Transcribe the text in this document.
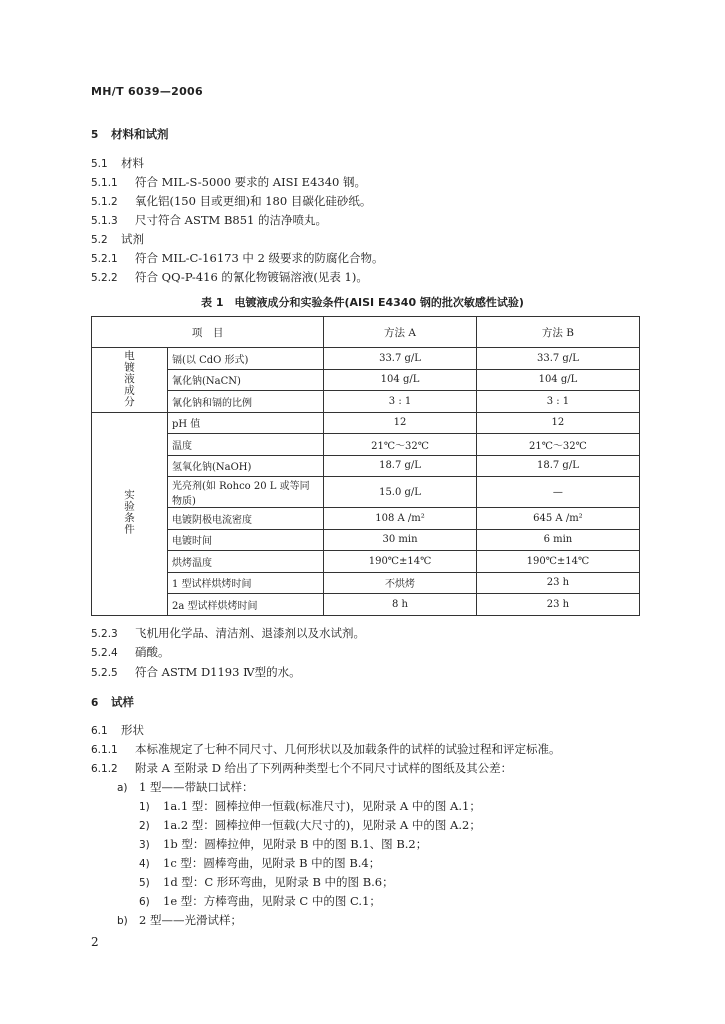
MH/T 6039—2006
5 材料和试剂
5.1 材料
5.1.1 符合 MIL-S-5000 要求的 AISI E4340 钢。
5.1.2 氧化铝(150 目或更细)和 180 目碳化硅砂纸。
5.1.3 尺寸符合 ASTM B851 的洁净喷丸。
5.2 试剂
5.2.1 符合 MIL-C-16173 中 2 级要求的防腐化合物。
5.2.2 符合 QQ-P-416 的氰化物镀镉溶液(见表 1)。
表 1　电镀液成分和实验条件(AISI E4340 钢的批次敏感性试验)
项　目		方法 A	方法 B
电镀液成分	镉(以 CdO 形式)	33.7 g/L	33.7 g/L
	氰化钠(NaCN)	104 g/L	104 g/L
	氰化钠和镉的比例	3 : 1	3 : 1
实验条件	pH 值	12	12
	温度	21℃～32℃	21℃～32℃
	氢氧化钠(NaOH)	18.7 g/L	18.7 g/L
	光亮剂(如 Rohco 20 L 或等同物质)	15.0 g/L	—
	电镀阴极电流密度	108 A /m²	645 A /m²
	电镀时间	30 min	6 min
	烘烤温度	190℃±14℃	190℃±14℃
	1 型试样烘烤时间	不烘烤	23 h
	2a 型试样烘烤时间	8 h	23 h
5.2.3 飞机用化学品、清洁剂、退漆剂以及水试剂。
5.2.4 硝酸。
5.2.5 符合 ASTM D1193 Ⅳ型的水。
6 试样
6.1 形状
6.1.1 本标准规定了七种不同尺寸、几何形状以及加载条件的试样的试验过程和评定标准。
6.1.2 附录 A 至附录 D 给出了下列两种类型七个不同尺寸试样的图纸及其公差：
a) 1 型——带缺口试样：
1) 1a.1 型：圆棒拉伸一恒载(标准尺寸)，见附录 A 中的图 A.1；
2) 1a.2 型：圆棒拉伸一恒载(大尺寸的)，见附录 A 中的图 A.2；
3) 1b 型：圆棒拉伸，见附录 B 中的图 B.1、图 B.2；
4) 1c 型：圆棒弯曲，见附录 B 中的图 B.4；
5) 1d 型：C 形环弯曲，见附录 B 中的图 B.6；
6) 1e 型：方棒弯曲，见附录 C 中的图 C.1；
b) 2 型——光滑试样；
2
